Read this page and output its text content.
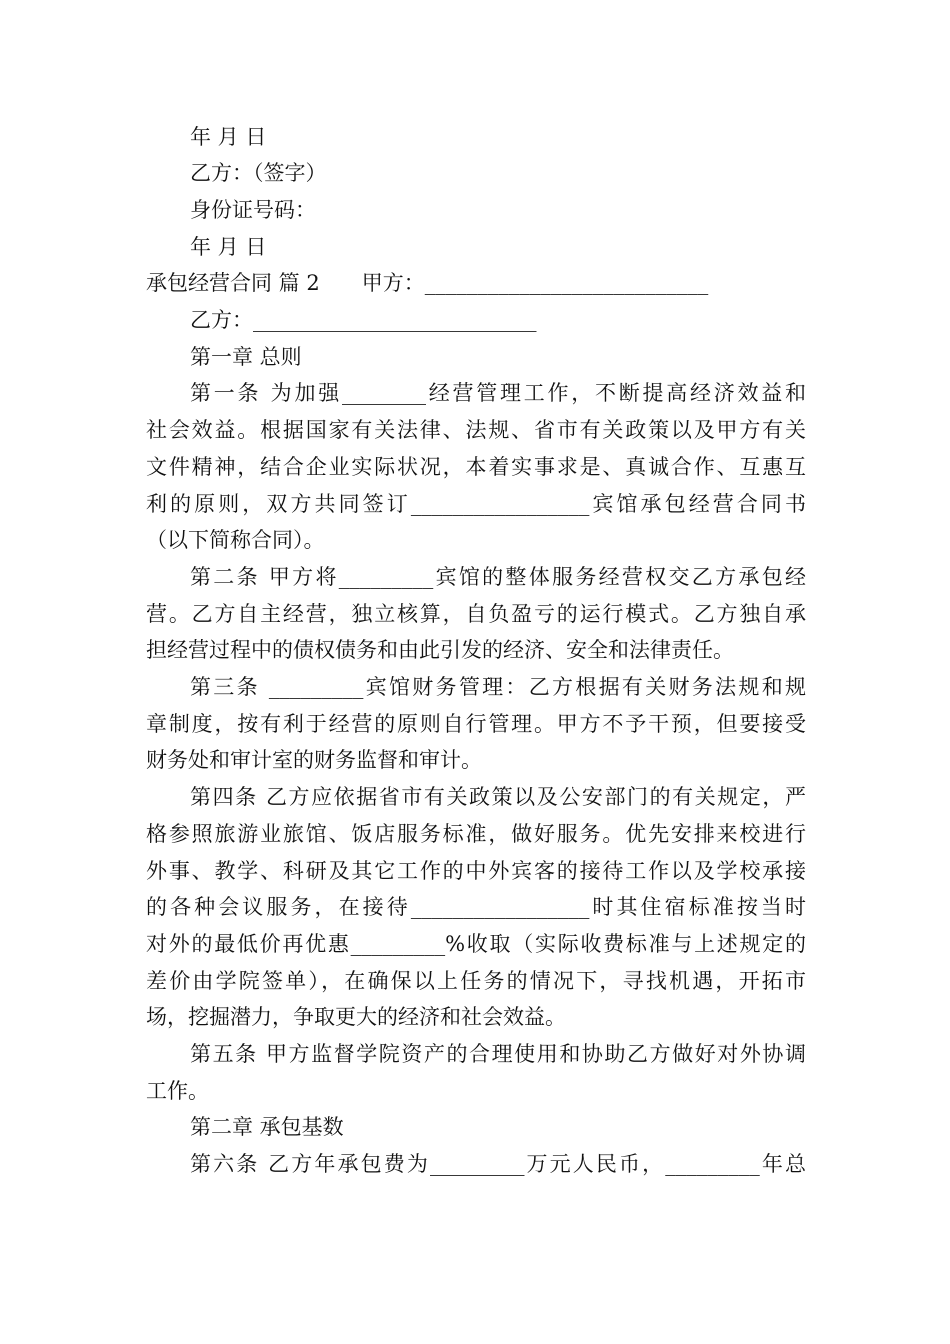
年 月 日
乙方：（签字）
身份证号码：
年 月 日
承包经营合同 篇 2　　甲方：___________________________
乙方：___________________________
第一章 总则
第一条 为加强________经营管理工作，不断提高经济效益和
社会效益。根据国家有关法律、法规、省市有关政策以及甲方有关
文件精神，结合企业实际状况，本着实事求是、真诚合作、互惠互
利的原则，双方共同签订_________________宾馆承包经营合同书
（以下简称合同）。
第二条 甲方将_________宾馆的整体服务经营权交乙方承包经
营。乙方自主经营，独立核算，自负盈亏的运行模式。乙方独自承
担经营过程中的债权债务和由此引发的经济、安全和法律责任。
第三条 _________宾馆财务管理：乙方根据有关财务法规和规
章制度，按有利于经营的原则自行管理。甲方不予干预，但要接受
财务处和审计室的财务监督和审计。
第四条 乙方应依据省市有关政策以及公安部门的有关规定，严
格参照旅游业旅馆、饭店服务标准，做好服务。优先安排来校进行
外事、教学、科研及其它工作的中外宾客的接待工作以及学校承接
的各种会议服务，在接待_________________时其住宿标准按当时
对外的最低价再优惠_________%收取（实际收费标准与上述规定的
差价由学院签单），在确保以上任务的情况下，寻找机遇，开拓市
场，挖掘潜力，争取更大的经济和社会效益。
第五条 甲方监督学院资产的合理使用和协助乙方做好对外协调
工作。
第二章 承包基数
第六条 乙方年承包费为_________万元人民币，_________年总
